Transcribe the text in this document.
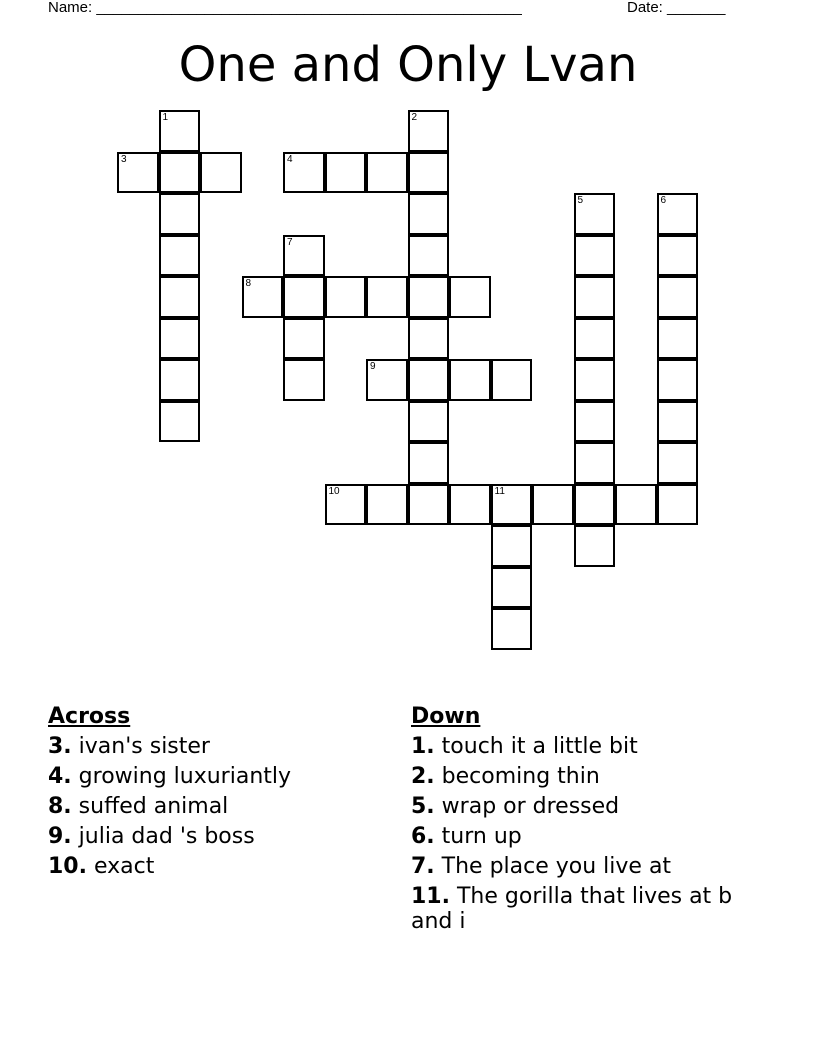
Name: ___________________________________________________	Date: _______
One and Only Lvan
1
3
2
4
5	6
7
8
9
10	11
Across
3. ivan's sister
4. growing luxuriantly
8. suffed animal
9. julia dad 's boss
10. exact
Down
1. touch it a little bit
2. becoming thin
5. wrap or dressed
6. turn up
7. The place you live at
11. The gorilla that lives at b and i
